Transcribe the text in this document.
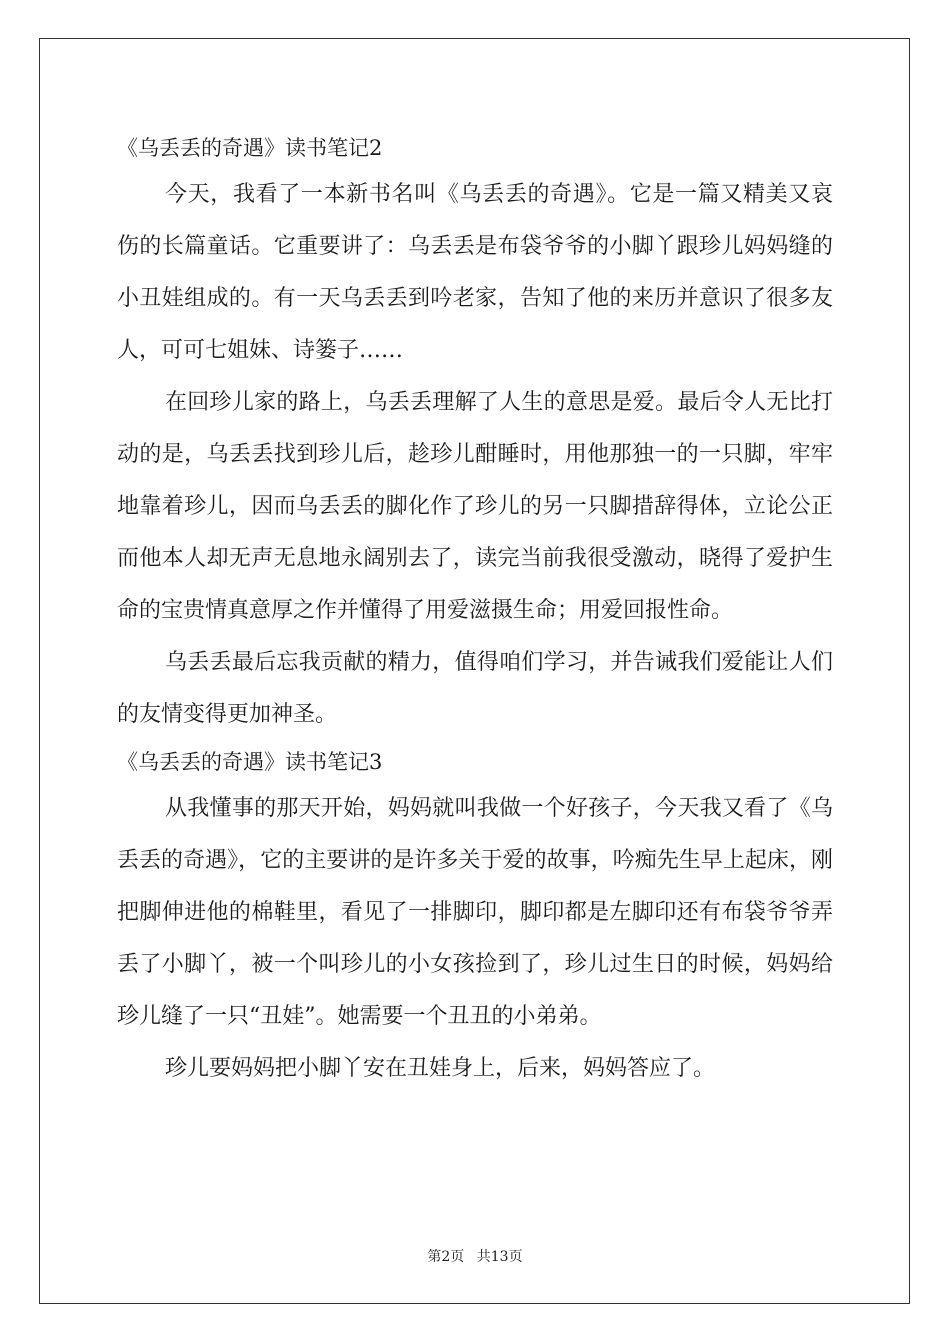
《乌丢丢的奇遇》读书笔记2

今天，我看了一本新书名叫《乌丢丢的奇遇》。它是一篇又精美又哀伤的长篇童话。它重要讲了：乌丢丢是布袋爷爷的小脚丫跟珍儿妈妈缝的小丑娃组成的。有一天乌丢丢到吟老家，告知了他的来历并意识了很多友人，可可七姐妹、诗篓子……

在回珍儿家的路上，乌丢丢理解了人生的意思是爱。最后令人无比打动的是，乌丢丢找到珍儿后，趁珍儿酣睡时，用他那独一的一只脚，牢牢地靠着珍儿，因而乌丢丢的脚化作了珍儿的另一只脚措辞得体，立论公正而他本人却无声无息地永阔别去了，读完当前我很受激动，晓得了爱护生命的宝贵情真意厚之作并懂得了用爱滋摄生命；用爱回报性命。

乌丢丢最后忘我贡献的精力，值得咱们学习，并告诫我们爱能让人们的友情变得更加神圣。

《乌丢丢的奇遇》读书笔记3

从我懂事的那天开始，妈妈就叫我做一个好孩子，今天我又看了《乌丢丢的奇遇》，它的主要讲的是许多关于爱的故事，吟痴先生早上起床，刚把脚伸进他的棉鞋里，看见了一排脚印，脚印都是左脚印还有布袋爷爷弄丢了小脚丫，被一个叫珍儿的小女孩捡到了，珍儿过生日的时候，妈妈给珍儿缝了一只“丑娃”。她需要一个丑丑的小弟弟。

珍儿要妈妈把小脚丫安在丑娃身上，后来，妈妈答应了。

第2页 共13页
